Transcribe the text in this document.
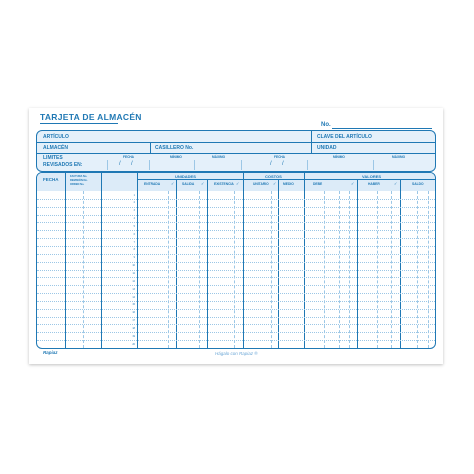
TARJETA DE ALMACÉN
No.
ARTÍCULO	CLAVE DEL ARTÍCULO
ALMACÉN	CASILLERO No.	UNIDAD
LIMITES
REVISADOS EN:
FECHA	MÍNIMO	MÁXIMO	FECHA	MÍNIMO	MÁXIMO
/ /	/ /
FECHA
FACTURA No.
REMISIÓN No.
ORDEN No.
UNIDADES	COSTOS	VALORES
ENTRADA	SALIDA	EXISTENCIA	UNITARIO	MEDIO	DEBE	HABER	SALDO
✓	✓	✓	✓	✓	✓
1
2
3
4
5
6
7
8
9
10
11
12
13
14
15
16
17
18
19
20
Rapiaz	Hágalo con Rapiaz ®
